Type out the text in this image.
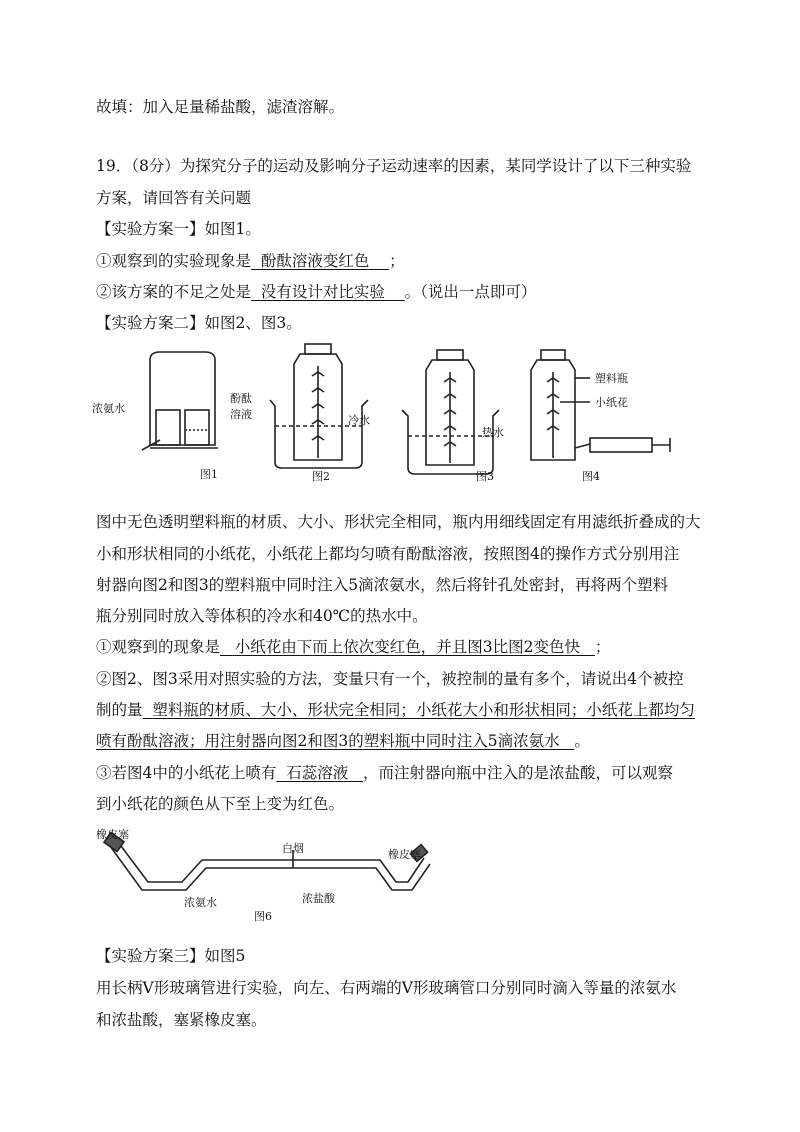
故填：加入足量稀盐酸，滤渣溶解。
19．（8分）为探究分子的运动及影响分子运动速率的因素，某同学设计了以下三种实验
方案，请回答有关问题
【实验方案一】如图1。
①观察到的实验现象是 酚酞溶液变红色 ；
②该方案的不足之处是 没有设计对比实验 。（说出一点即可）
【实验方案二】如图2、图3。
浓氨水
酚酞
溶液
图1
冷水
图2
热水
图3
塑料瓶
小纸花
图4
图中无色透明塑料瓶的材质、大小、形状完全相同，瓶内用细线固定有用滤纸折叠成的大
小和形状相同的小纸花，小纸花上都均匀喷有酚酞溶液，按照图4的操作方式分别用注
射器向图2和图3的塑料瓶中同时注入5滴浓氨水，然后将针孔处密封，再将两个塑料
瓶分别同时放入等体积的冷水和40℃的热水中。
①观察到的现象是 小纸花由下而上依次变红色，并且图3比图2变色快 ；
②图2、图3采用对照实验的方法，变量只有一个，被控制的量有多个，请说出4个被控
制的量 塑料瓶的材质、大小、形状完全相同；小纸花大小和形状相同；小纸花上都均匀
喷有酚酞溶液；用注射器向图2和图3的塑料瓶中同时注入5滴浓氨水 。
③若图4中的小纸花上喷有 石蕊溶液 ，而注射器向瓶中注入的是浓盐酸，可以观察
到小纸花的颜色从下至上变为红色。
橡皮塞
白烟	橡皮塞
浓氨水	浓盐酸
图6
【实验方案三】如图5
用长柄V形玻璃管进行实验，向左、右两端的V形玻璃管口分别同时滴入等量的浓氨水
和浓盐酸，塞紧橡皮塞。
